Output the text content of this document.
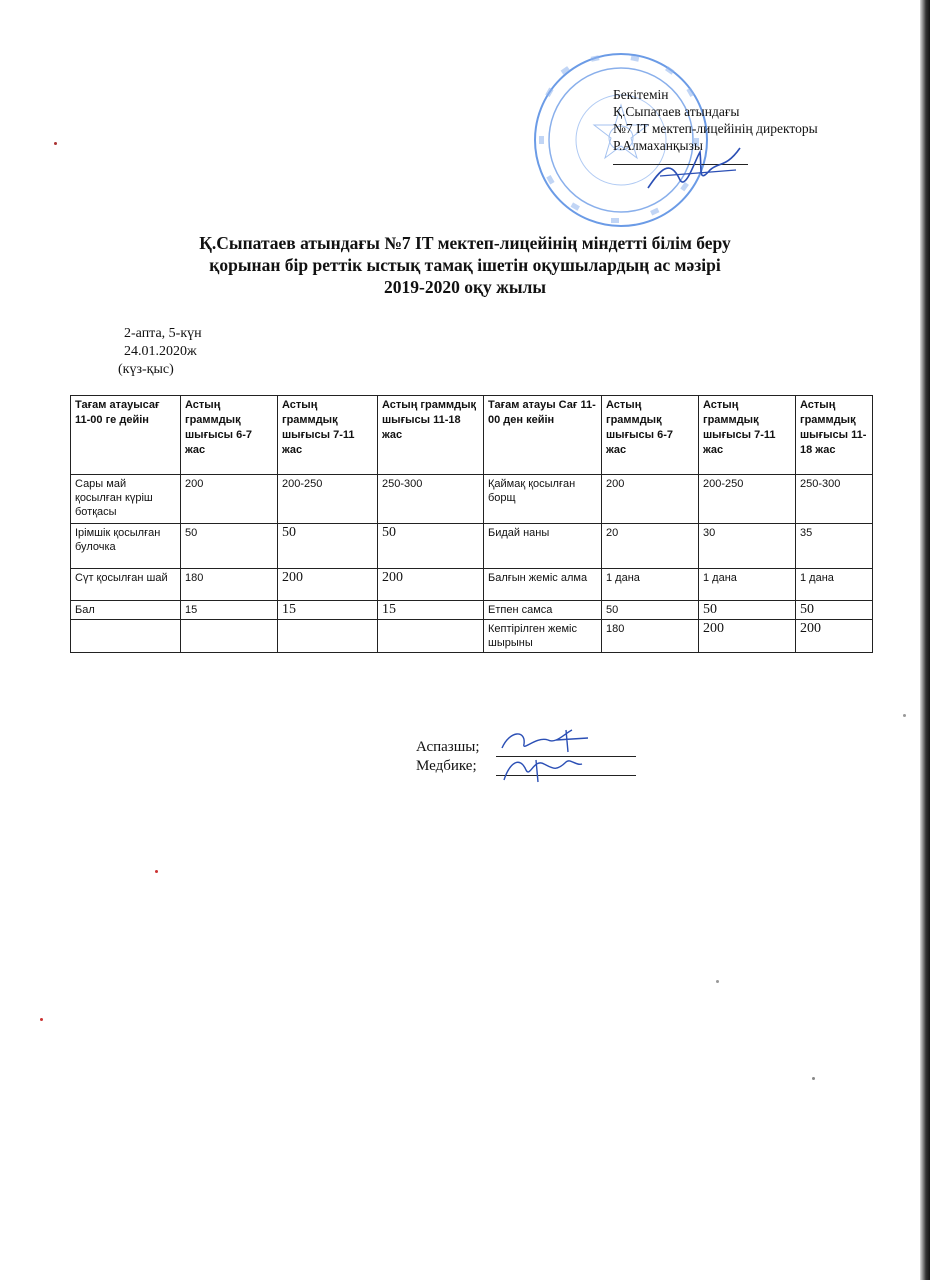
Бекітемін
Қ.Сыпатаев атындағы
№7 IT мектеп-лицейінің директоры
Р.Алмаханқызы
Қ.Сыпатаев атындағы №7 IT мектеп-лицейінің міндетті білім беру
қорынан бір реттік ыстық тамақ ішетін оқушылардың ас мәзірі
2019-2020 оқу жылы
2-апта, 5-күн
24.01.2020ж
(күз-қыс)
Тағам атауысағ 11-00 ге дейін	Астың граммдық шығысы 6-7 жас	Астың граммдық шығысы 7-11 жас	Астың граммдық шығысы 11-18 жас	Тағам атауы Сағ 11-00 ден кейін	Астың граммдық шығысы 6-7 жас	Астың граммдық шығысы 7-11 жас	Астың граммдық шығысы 11-18 жас
Сары май қосылған күріш ботқасы	200	200-250	250-300	Қаймақ қосылған борщ	200	200-250	250-300
Ірімшік қосылған булочка	50	50	50	Бидай наны	20	30	35
Сүт қосылған шай	180	200	200	Балғын жеміс алма	1 дана	1 дана	1 дана
Бал	15	15	15	Етпен самса	50	50	50
				Кептірілген жеміс шырыны	180	200	200
Аспазшы;
Медбике;
